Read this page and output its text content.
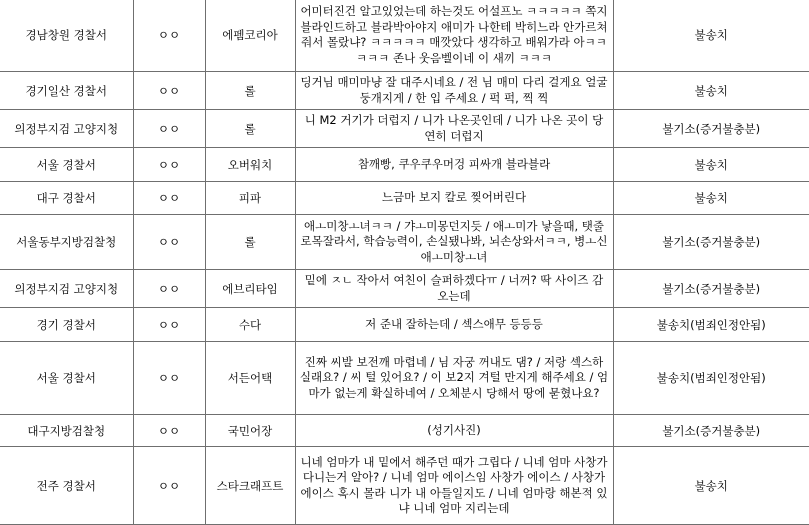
경남창원 경찰서	ㅇㅇ	에펨코리아	어미터진건 알고있었는데 하는것도 어설프노 ㅋㅋㅋㅋㅋ 쪽지블라인드하고 블라박아야지 애미가 나한테 박히느라 안가르쳐줘서 몰랐냐? ㅋㅋㅋㅋㅋ 매깟았다 생각하고 배워가라 아ㅋㅋㅋㅋㅋ 존나 웃음벨이네 이 새끼 ㅋㅋㅋ	불송치
경기일산 경찰서	ㅇㅇ	롤	딩거님 매미마냥 잘 대주시네요 / 전 님 매미 다리 걸게요 얼굴 둥개지게 / 한 입 주세요 / 퍽 퍽, 찍 찍	불송치
의정부지검 고양지청	ㅇㅇ	롤	니 M2 거기가 더럽지 / 니가 나온곳인데 / 니가 나온 곳이 당연히 더럽지	불기소(증거불충분)
서울 경찰서	ㅇㅇ	오버워치	참깨빵, 쿠우쿠우머겅 피싸개 블라블라	불송치
대구 경찰서	ㅇㅇ	피파	느금마 보지 칼로 찢어버린다	불송치
서울동부지방검찰청	ㅇㅇ	롤	애ㅗ미창ㅗ녀ㅋㅋ / 갸ㅗ미몽던지듯 / 애ㅗ미가 낳을때, 탯줄로목잘라서, 학습능력이, 손실됐나봐, 뇌손상와서ㅋㅋ, 병ㅗ신애ㅗ미창ㅗ녀	불기소(증거불충분)
의정부지검 고양지청	ㅇㅇ	에브리타임	밑에 ㅈㄴ 작아서 여친이 슬퍼하겠다ㅠ / 너꺼? 딱 사이즈 감오는데	불기소(증거불충분)
경기 경찰서	ㅇㅇ	수다	저 준내 잘하는데 / 섹스애무 등등등	불송치(범죄인정안됨)
서울 경찰서	ㅇㅇ	서든어택	진짜 씨발 보전깨 마렵네 / 님 자궁 꺼내도 댐? / 저랑 섹스하실래요? / 씨 털 있어요? / 이 보2지 겨털 만지게 해주세요 / 엄마가 없는게 확실하네여 / 오체분시 당해서 땅에 묻혔나요?	불송치(범죄인정안됨)
대구지방검찰청	ㅇㅇ	국민어장	(성기사진)	불기소(증거불충분)
전주 경찰서	ㅇㅇ	스타크래프트	니네 엄마가 내 밑에서 해주던 때가 그립다 / 니네 엄마 사창가 다니는거 알아? / 니네 엄마 에이스임 사창가 에이스 / 사창가 에이스 혹시 몰라 니가 내 아들일지도 / 니네 엄마랑 해본적 있냐 니네 엄마 지리는데	불송치
